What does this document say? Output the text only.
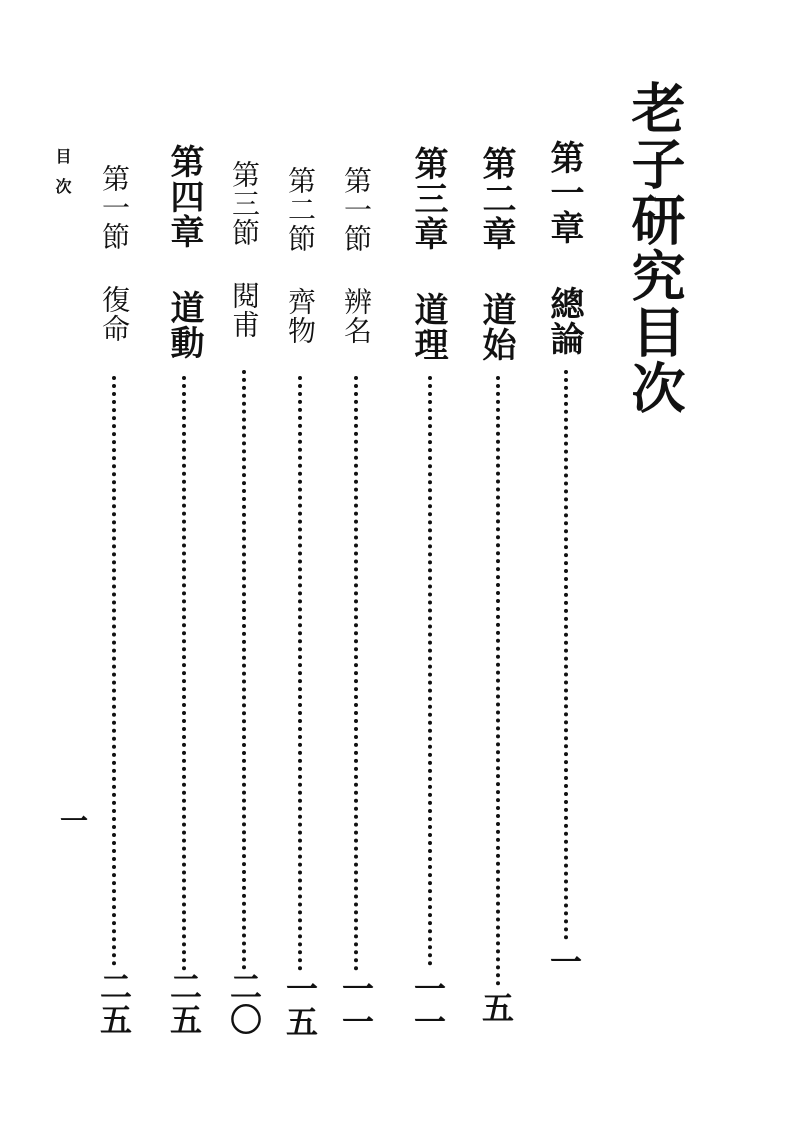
老子研究目次
第一章 總論
一
第二章 道始
五
第三章 道理
一一
第一節 辨名
一一
第二節 齊物
一五
第三節 閱甫
二〇
第四章 道動
二五
第一節 復命
二五
目次
一
